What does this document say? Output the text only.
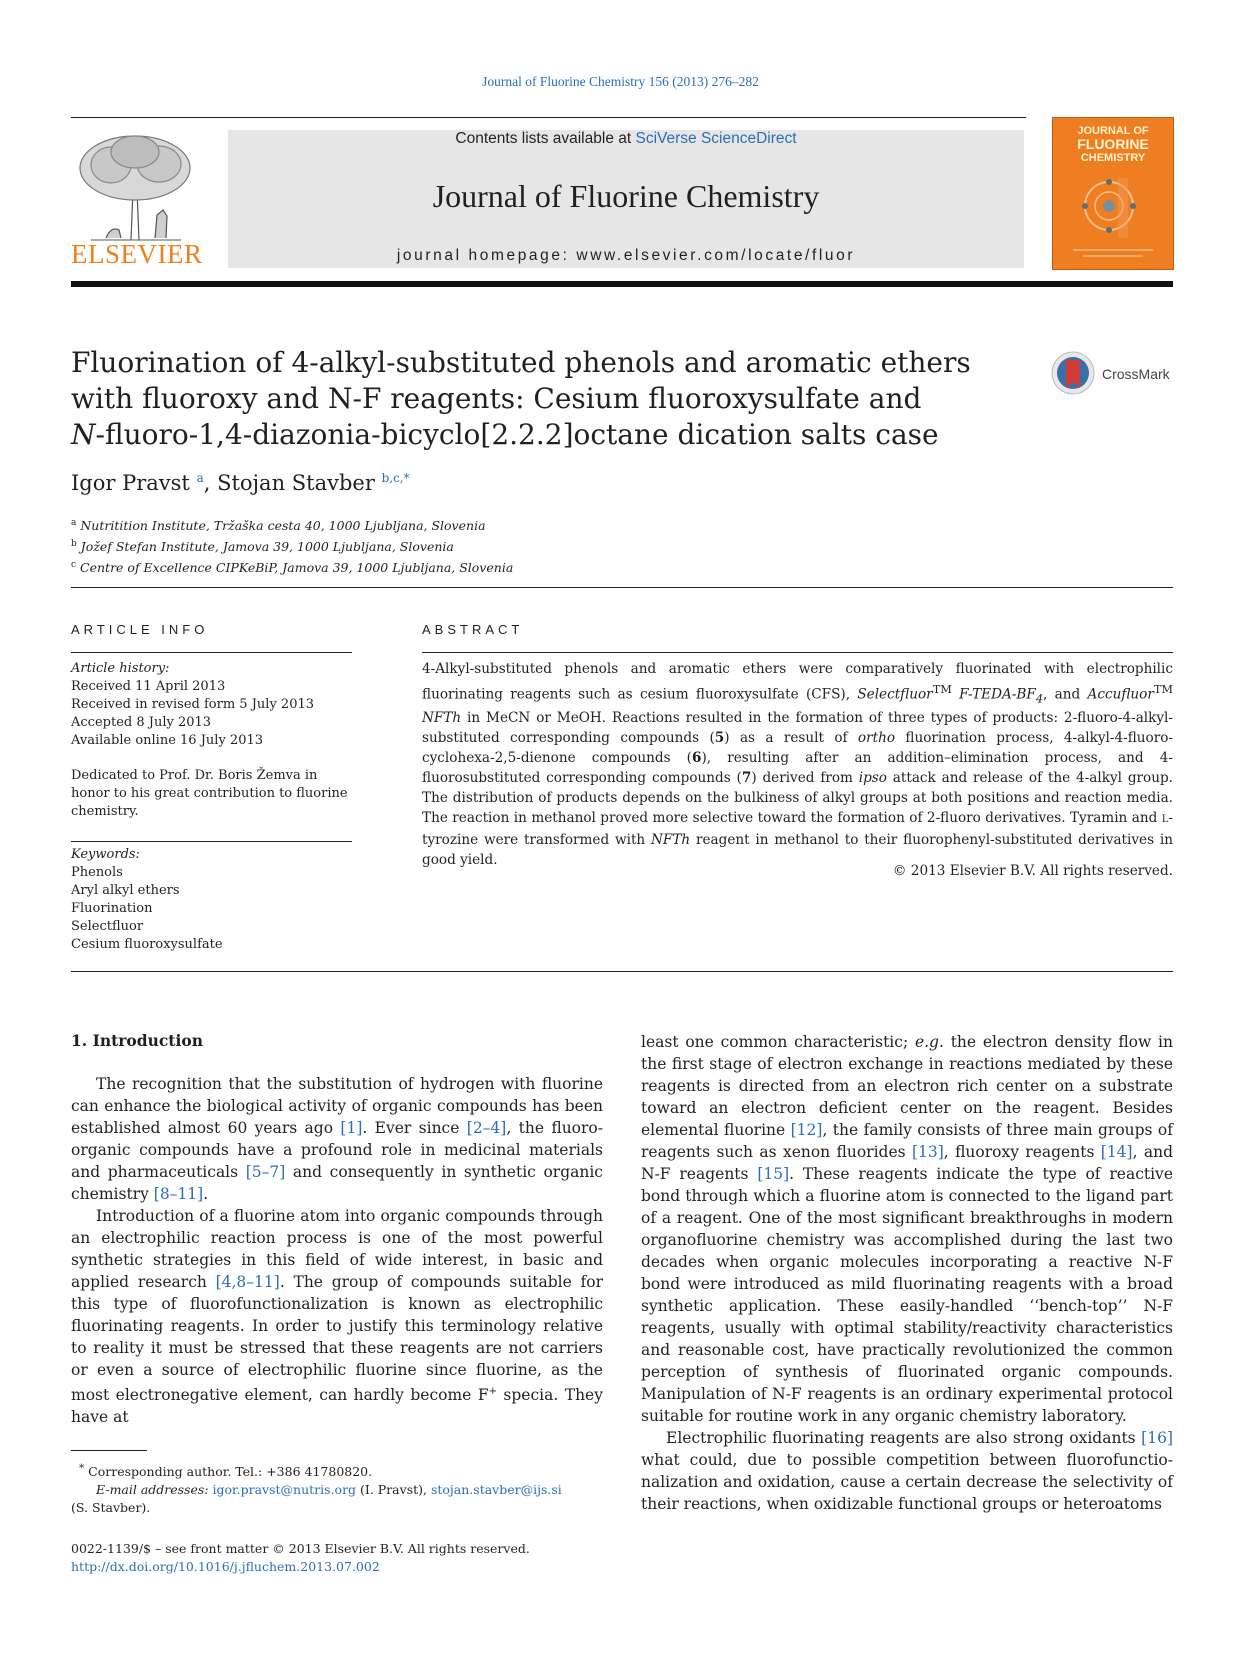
Journal of Fluorine Chemistry 156 (2013) 276–282
ELSEVIER
Contents lists available at SciVerse ScienceDirect
Journal of Fluorine Chemistry
journal homepage: www.elsevier.com/locate/fluor
JOURNAL OF
FLUORINE
CHEMISTRY
Fluorination of 4-alkyl-substituted phenols and aromatic ethers
with fluoroxy and N-F reagents: Cesium fluoroxysulfate and
N-fluoro-1,4-diazonia-bicyclo[2.2.2]octane dication salts case
CrossMark
Igor Pravst $^a$, Stojan Stavber $^{b,c,*}$
$^a$ Nutritition Institute, Tržaška cesta 40, 1000 Ljubljana, Slovenia
$^b$ Jožef Stefan Institute, Jamova 39, 1000 Ljubljana, Slovenia
$^c$ Centre of Excellence CIPKeBiP, Jamova 39, 1000 Ljubljana, Slovenia
ARTICLE INFO
Article history:
Received 11 April 2013
Received in revised form 5 July 2013
Accepted 8 July 2013
Available online 16 July 2013
Dedicated to Prof. Dr. Boris Žemva in honor to his great contribution to fluorine chemistry.
Keywords:
Phenols
Aryl alkyl ethers
Fluorination
Selectfluor
Cesium fluoroxysulfate
ABSTRACT
4-Alkyl-substituted phenols and aromatic ethers were comparatively fluorinated with electrophilic fluorinating reagents such as cesium fluoroxysulfate (CFS), Selectfluor™ $F-TEDA-BF_4$, and Accufluor™ NFTh in MeCN or MeOH. Reactions resulted in the formation of three types of products: 2-fluoro-4-alkyl-substituted corresponding compounds (5) as a result of ortho fluorination process, 4-alkyl-4-fluoro-cyclohexa-2,5-dienone compounds (6), resulting after an addition–elimination process, and 4-fluorosubstituted corresponding compounds (7) derived from ipso attack and release of the 4-alkyl group. The distribution of products depends on the bulkiness of alkyl groups at both positions and reaction media. The reaction in methanol proved more selective toward the formation of 2-fluoro derivatives. Tyramin and L-tyrozine were transformed with NFTh reagent in methanol to their fluorophenyl-substituted derivatives in good yield.
© 2013 Elsevier B.V. All rights reserved.
1. Introduction

The recognition that the substitution of hydrogen with fluorine can enhance the biological activity of organic compounds has been established almost 60 years ago [1]. Ever since [2–4], the fluoro-organic compounds have a profound role in medicinal materials and pharmaceuticals [5–7] and consequently in synthetic organic chemistry [8–11].

Introduction of a fluorine atom into organic compounds through an electrophilic reaction process is one of the most powerful synthetic strategies in this field of wide interest, in basic and applied research [4,8–11]. The group of compounds suitable for this type of fluorofunctionalization is known as electrophilic fluorinating reagents. In order to justify this terminology relative to reality it must be stressed that these reagents are not carriers or even a source of electrophilic fluorine since fluorine, as the most electronegative element, can hardly become F+ specia. They have at

least one common characteristic; e.g. the electron density flow in the first stage of electron exchange in reactions mediated by these reagents is directed from an electron rich center on a substrate toward an electron deficient center on the reagent. Besides elemental fluorine [12], the family consists of three main groups of reagents such as xenon fluorides [13], fluoroxy reagents [14], and N-F reagents [15]. These reagents indicate the type of reactive bond through which a fluorine atom is connected to the ligand part of a reagent. One of the most significant breakthroughs in modern organofluorine chemistry was accomplished during the last two decades when organic molecules incorporating a reactive N-F bond were introduced as mild fluorinating reagents with a broad synthetic application. These easily-handled ‘‘bench-top’’ N-F reagents, usually with optimal stability/reactivity characteristics and reasonable cost, have practically revolutionized the common perception of synthesis of fluorinated organic compounds. Manipulation of N-F reagents is an ordinary experimental protocol suitable for routine work in any organic chemistry laboratory.

Electrophilic fluorinating reagents are also strong oxidants [16] what could, due to possible competition between fluorofunctio-nalization and oxidation, cause a certain decrease the selectivity of their reactions, when oxidizable functional groups or heteroatoms

* Corresponding author. Tel.: +386 41780820.
E-mail addresses: igor.pravst@nutris.org (I. Pravst), stojan.stavber@ijs.si
(S. Stavber).
0022-1139/$ – see front matter © 2013 Elsevier B.V. All rights reserved.
http://dx.doi.org/10.1016/j.jfluchem.2013.07.002
